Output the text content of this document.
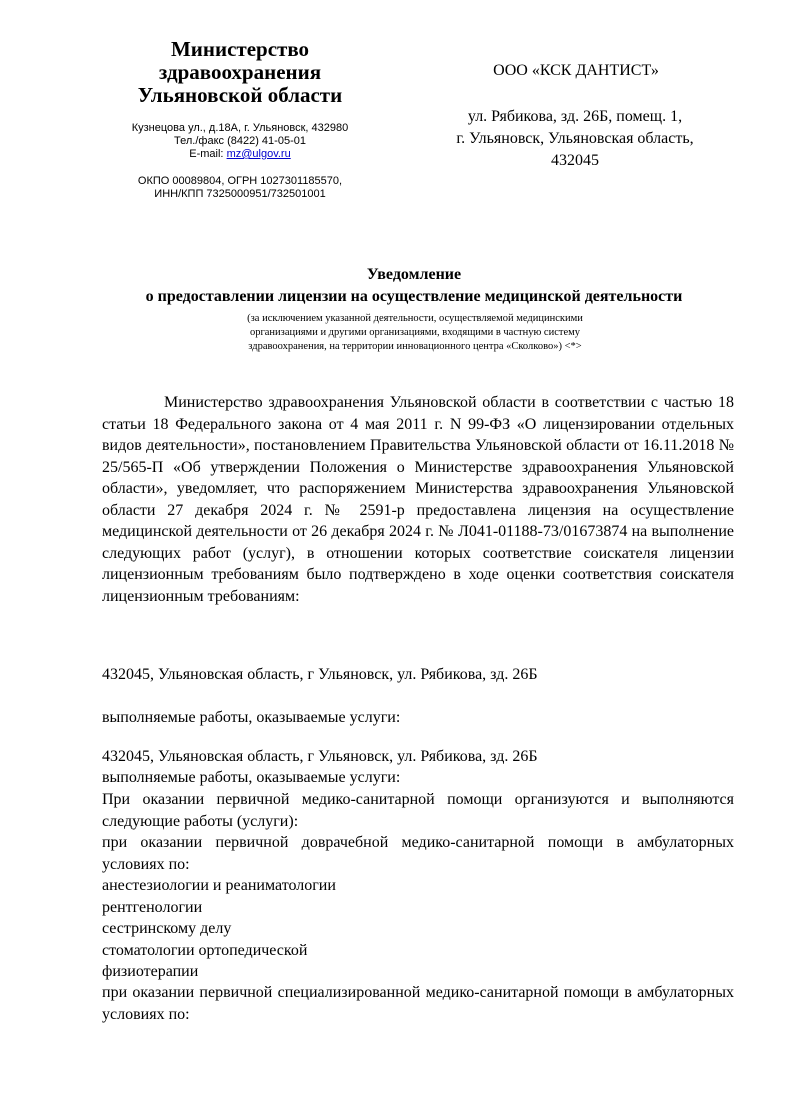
Министерство
здравоохранения
Ульяновской области
Кузнецова ул., д.18А, г. Ульяновск, 432980
Тел./факс (8422) 41-05-01
E-mail: mz@ulgov.ru
ОКПО 00089804, ОГРН 1027301185570,
ИНН/КПП 7325000951/732501001
ООО «КСК ДАНТИСТ»
ул. Рябикова, зд. 26Б, помещ. 1,
г. Ульяновск, Ульяновская область,
432045
Уведомление
о предоставлении лицензии на осуществление медицинской деятельности
(за исключением указанной деятельности, осуществляемой медицинскими
организациями и другими организациями, входящими в частную систему
здравоохранения, на территории инновационного центра «Сколково») <*>
Министерство здравоохранения Ульяновской области в соответствии с частью 18 статьи 18 Федерального закона от 4 мая 2011 г. N 99-ФЗ «О лицензировании отдельных видов деятельности», постановлением Правительства Ульяновской области от 16.11.2018 № 25/565-П «Об утверждении Положения о Министерстве здравоохранения Ульяновской области», уведомляет, что распоряжением Министерства здравоохранения Ульяновской области 27 декабря 2024 г. № 2591-р предоставлена лицензия на осуществление медицинской деятельности от 26 декабря 2024 г. № Л041-01188-73/01673874 на выполнение следующих работ (услуг), в отношении которых соответствие соискателя лицензии лицензионным требованиям было подтверждено в ходе оценки соответствия соискателя лицензионным требованиям:
432045, Ульяновская область, г Ульяновск, ул. Рябикова, зд. 26Б
выполняемые работы, оказываемые услуги:
432045, Ульяновская область, г Ульяновск, ул. Рябикова, зд. 26Б
выполняемые работы, оказываемые услуги:
При оказании первичной медико-санитарной помощи организуются и выполняются следующие работы (услуги):
при оказании первичной доврачебной медико-санитарной помощи в амбулаторных условиях по:
анестезиологии и реаниматологии
рентгенологии
сестринскому делу
стоматологии ортопедической
физиотерапии
при оказании первичной специализированной медико-санитарной помощи в амбулаторных условиях по:
